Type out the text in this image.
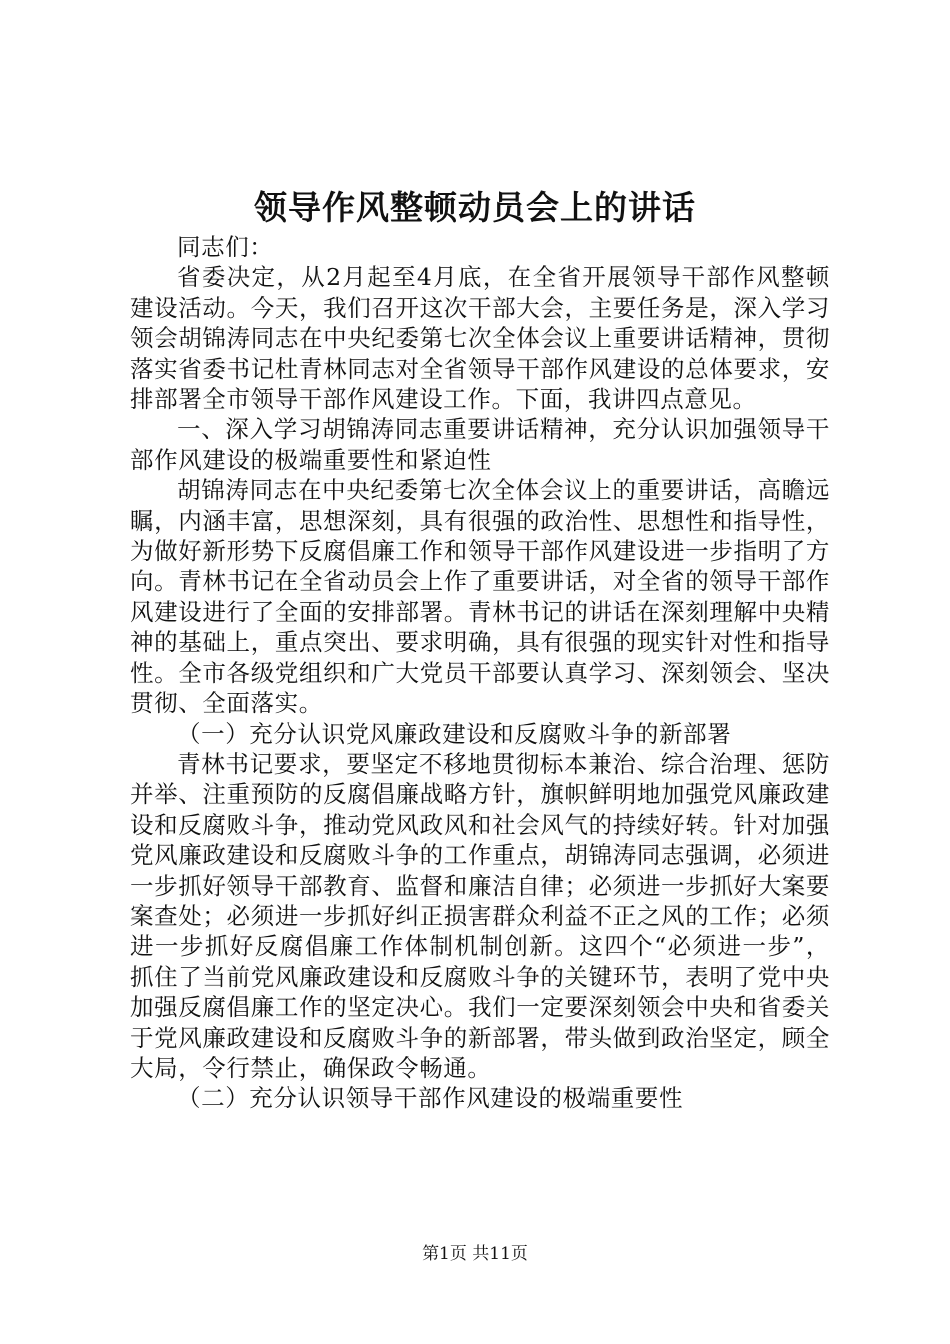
领导作风整顿动员会上的讲话

同志们：

省委决定，从2月起至4月底，在全省开展领导干部作风整顿建设活动。今天，我们召开这次干部大会，主要任务是，深入学习领会胡锦涛同志在中央纪委第七次全体会议上重要讲话精神，贯彻落实省委书记杜青林同志对全省领导干部作风建设的总体要求，安排部署全市领导干部作风建设工作。下面，我讲四点意见。

一、深入学习胡锦涛同志重要讲话精神，充分认识加强领导干部作风建设的极端重要性和紧迫性

胡锦涛同志在中央纪委第七次全体会议上的重要讲话，高瞻远瞩，内涵丰富，思想深刻，具有很强的政治性、思想性和指导性，为做好新形势下反腐倡廉工作和领导干部作风建设进一步指明了方向。青林书记在全省动员会上作了重要讲话，对全省的领导干部作风建设进行了全面的安排部署。青林书记的讲话在深刻理解中央精神的基础上，重点突出、要求明确，具有很强的现实针对性和指导性。全市各级党组织和广大党员干部要认真学习、深刻领会、坚决贯彻、全面落实。

（一）充分认识党风廉政建设和反腐败斗争的新部署

青林书记要求，要坚定不移地贯彻标本兼治、综合治理、惩防并举、注重预防的反腐倡廉战略方针，旗帜鲜明地加强党风廉政建设和反腐败斗争，推动党风政风和社会风气的持续好转。针对加强党风廉政建设和反腐败斗争的工作重点，胡锦涛同志强调，必须进一步抓好领导干部教育、监督和廉洁自律；必须进一步抓好大案要案查处；必须进一步抓好纠正损害群众利益不正之风的工作；必须进一步抓好反腐倡廉工作体制机制创新。这四个“必须进一步”，抓住了当前党风廉政建设和反腐败斗争的关键环节，表明了党中央加强反腐倡廉工作的坚定决心。我们一定要深刻领会中央和省委关于党风廉政建设和反腐败斗争的新部署，带头做到政治坚定，顾全大局，令行禁止，确保政令畅通。

（二）充分认识领导干部作风建设的极端重要性

第1页 共11页
